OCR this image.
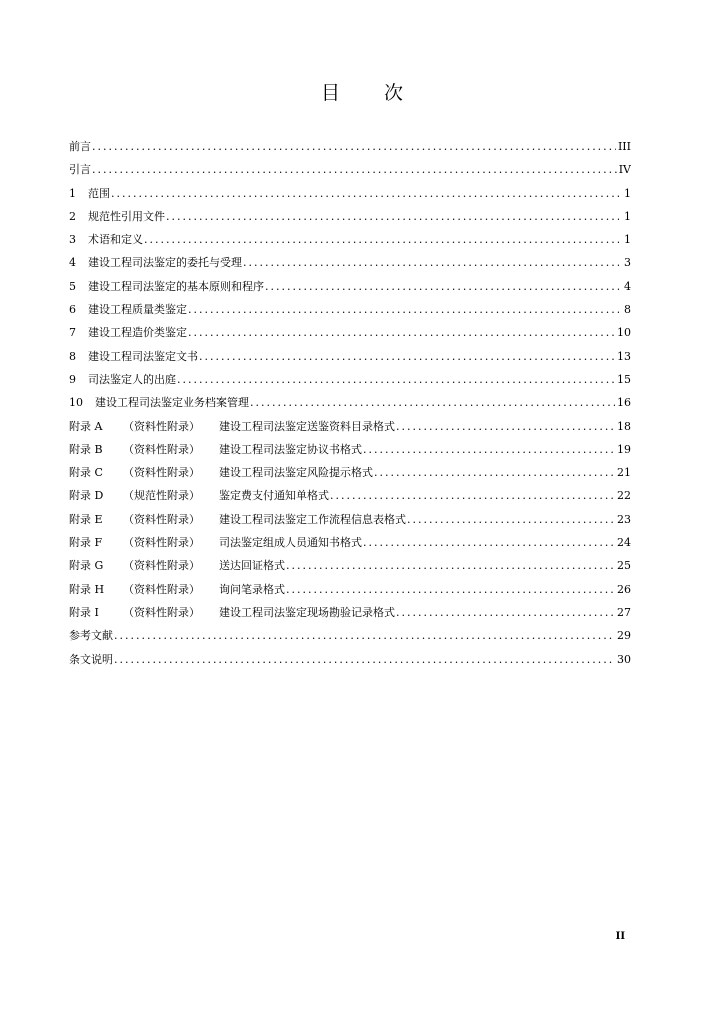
目 次
前言 .....	III
引言 .....	IV
1	范围 .....	1
2	规范性引用文件 .....	1
3	术语和定义 .....	1
4	建设工程司法鉴定的委托与受理 .....	3
5	建设工程司法鉴定的基本原则和程序 .....	4
6	建设工程质量类鉴定 .....	8
7	建设工程造价类鉴定 .....	10
8	建设工程司法鉴定文书 .....	13
9	司法鉴定人的出庭 .....	15
10	建设工程司法鉴定业务档案管理 .....	16
附录 A	（资料性附录）	建设工程司法鉴定送鉴资料目录格式 .....	18
附录 B	（资料性附录）	建设工程司法鉴定协议书格式 .....	19
附录 C	（资料性附录）	建设工程司法鉴定风险提示格式 .....	21
附录 D	（规范性附录）	鉴定费支付通知单格式 .....	22
附录 E	（资料性附录）	建设工程司法鉴定工作流程信息表格式 .....	23
附录 F	（资料性附录）	司法鉴定组成人员通知书格式 .....	24
附录 G	（资料性附录）	送达回证格式 .....	25
附录 H	（资料性附录）	询问笔录格式 .....	26
附录 I	（资料性附录）	建设工程司法鉴定现场勘验记录格式 .....	27
参考文献 .....	29
条文说明 .....	30
II
